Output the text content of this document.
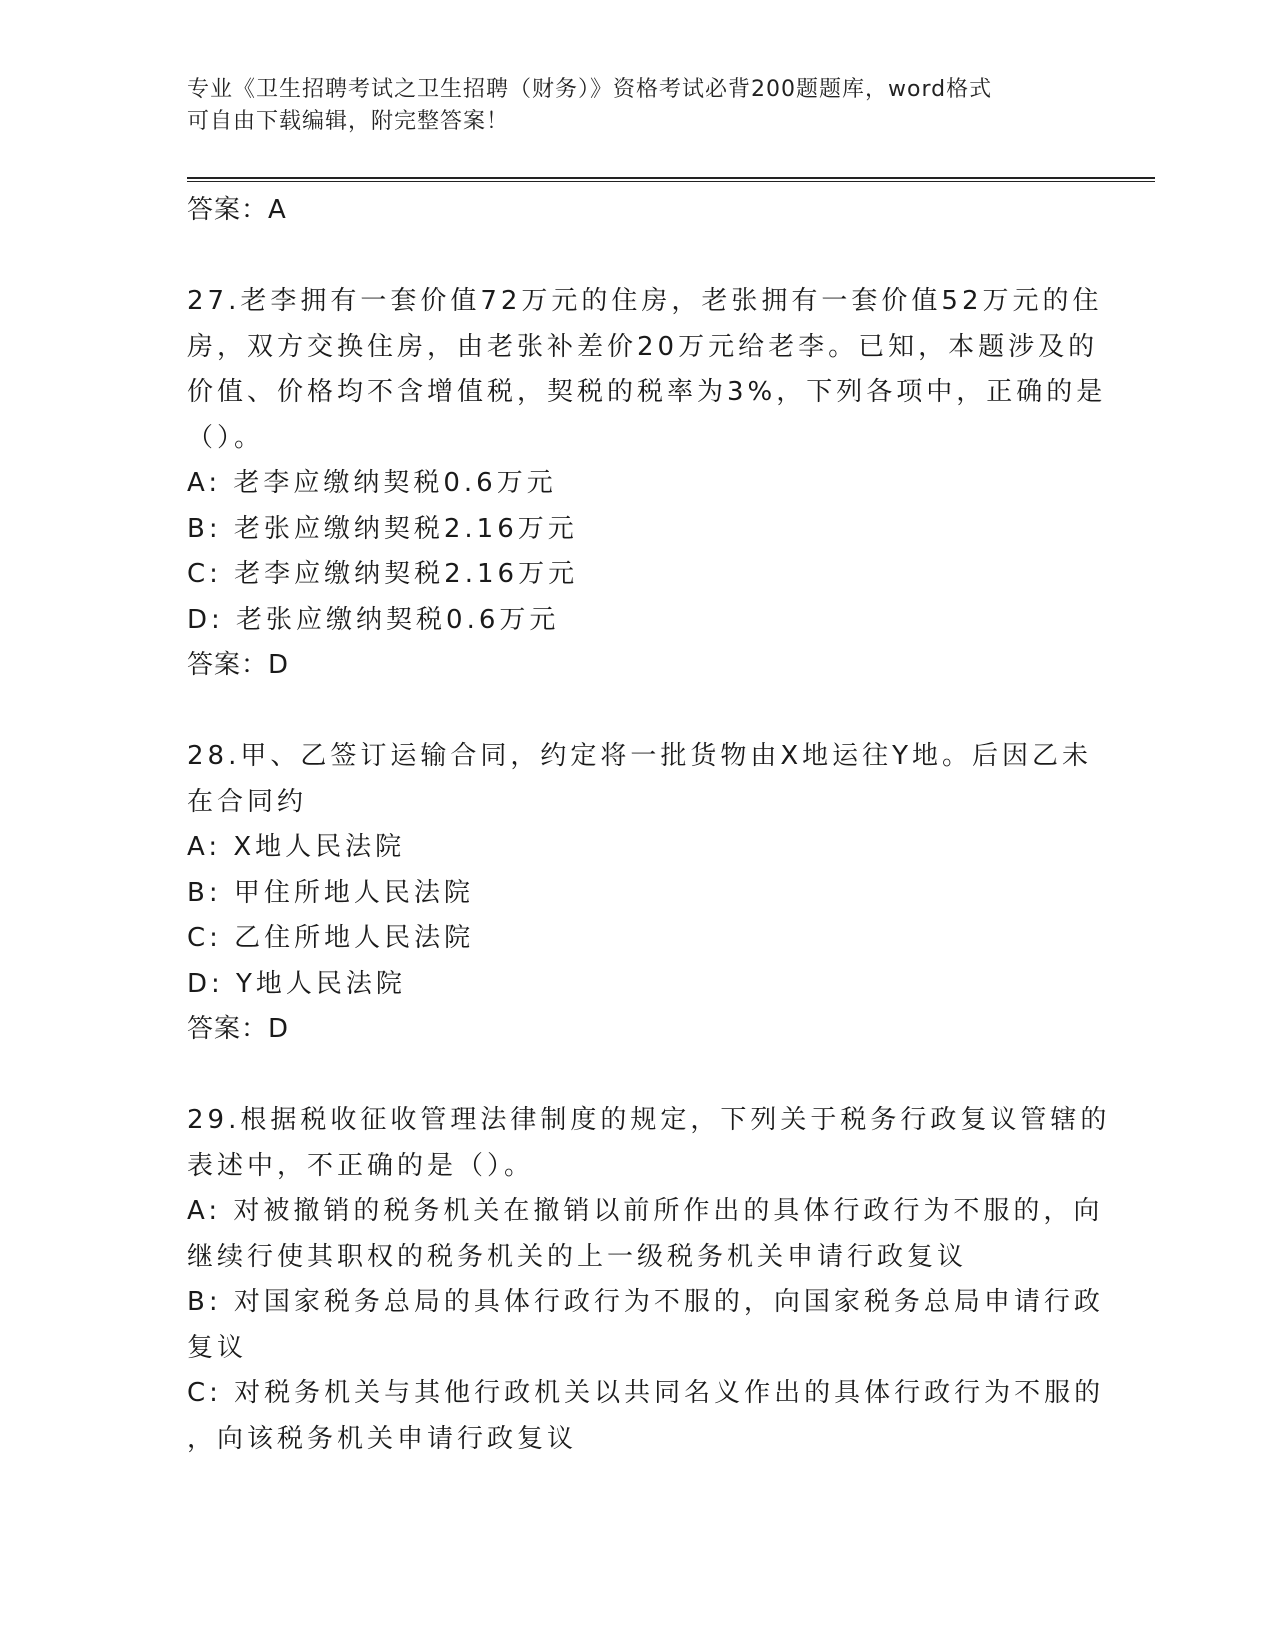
专业《卫生招聘考试之卫生招聘（财务）》资格考试必背200题题库，word格式
可自由下载编辑，附完整答案！
答案：A
27.老李拥有一套价值72万元的住房，老张拥有一套价值52万元的住
房，双方交换住房，由老张补差价20万元给老李。已知，本题涉及的
价值、价格均不含增值税，契税的税率为3%，下列各项中，正确的是
（）。
A: 老李应缴纳契税0.6万元
B: 老张应缴纳契税2.16万元
C: 老李应缴纳契税2.16万元
D: 老张应缴纳契税0.6万元
答案：D
28.甲、乙签订运输合同，约定将一批货物由X地运往Y地。后因乙未
在合同约
A: X地人民法院
B: 甲住所地人民法院
C: 乙住所地人民法院
D: Y地人民法院
答案：D
29.根据税收征收管理法律制度的规定，下列关于税务行政复议管辖的
表述中，不正确的是（）。
A: 对被撤销的税务机关在撤销以前所作出的具体行政行为不服的，向
继续行使其职权的税务机关的上一级税务机关申请行政复议
B: 对国家税务总局的具体行政行为不服的，向国家税务总局申请行政
复议
C: 对税务机关与其他行政机关以共同名义作出的具体行政行为不服的
，向该税务机关申请行政复议
